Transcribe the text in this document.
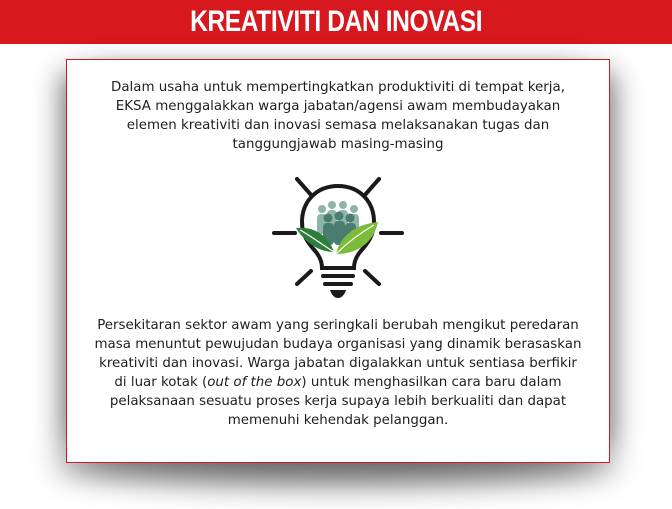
KREATIVITI DAN INOVASI

Dalam usaha untuk mempertingkatkan produktiviti di tempat kerja, EKSA menggalakkan warga jabatan/agensi awam membudayakan elemen kreativiti dan inovasi semasa melaksanakan tugas dan tanggungjawab masing-masing

Persekitaran sektor awam yang seringkali berubah mengikut peredaran masa menuntut pewujudan budaya organisasi yang dinamik berasaskan kreativiti dan inovasi. Warga jabatan digalakkan untuk sentiasa berfikir di luar kotak (out of the box) untuk menghasilkan cara baru dalam pelaksanaan sesuatu proses kerja supaya lebih berkualiti dan dapat memenuhi kehendak pelanggan.
